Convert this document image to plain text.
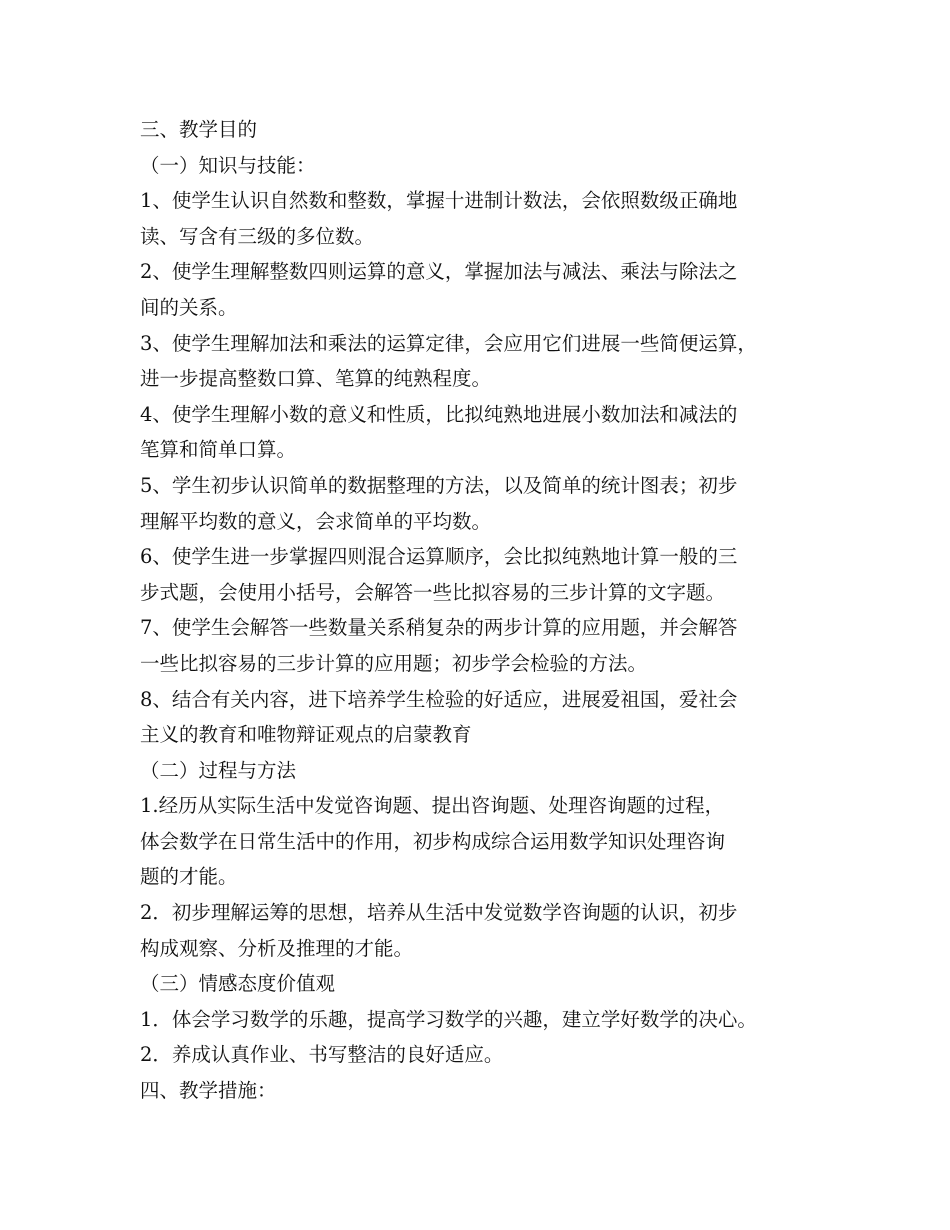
三、教学目的
（一）知识与技能：
1、使学生认识自然数和整数，掌握十进制计数法，会依照数级正确地
读、写含有三级的多位数。
2、使学生理解整数四则运算的意义，掌握加法与减法、乘法与除法之
间的关系。
3、使学生理解加法和乘法的运算定律，会应用它们进展一些简便运算，
进一步提高整数口算、笔算的纯熟程度。
4、使学生理解小数的意义和性质，比拟纯熟地进展小数加法和减法的
笔算和简单口算。
5、学生初步认识简单的数据整理的方法，以及简单的统计图表；初步
理解平均数的意义，会求简单的平均数。
6、使学生进一步掌握四则混合运算顺序，会比拟纯熟地计算一般的三
步式题，会使用小括号，会解答一些比拟容易的三步计算的文字题。
7、使学生会解答一些数量关系稍复杂的两步计算的应用题，并会解答
一些比拟容易的三步计算的应用题；初步学会检验的方法。
8、结合有关内容，进下培养学生检验的好适应，进展爱祖国，爱社会
主义的教育和唯物辩证观点的启蒙教育
（二）过程与方法
1.经历从实际生活中发觉咨询题、提出咨询题、处理咨询题的过程，
体会数学在日常生活中的作用，初步构成综合运用数学知识处理咨询
题的才能。
2．初步理解运筹的思想，培养从生活中发觉数学咨询题的认识，初步
构成观察、分析及推理的才能。
（三）情感态度价值观
1．体会学习数学的乐趣，提高学习数学的兴趣，建立学好数学的决心。
2．养成认真作业、书写整洁的良好适应。
四、教学措施：
